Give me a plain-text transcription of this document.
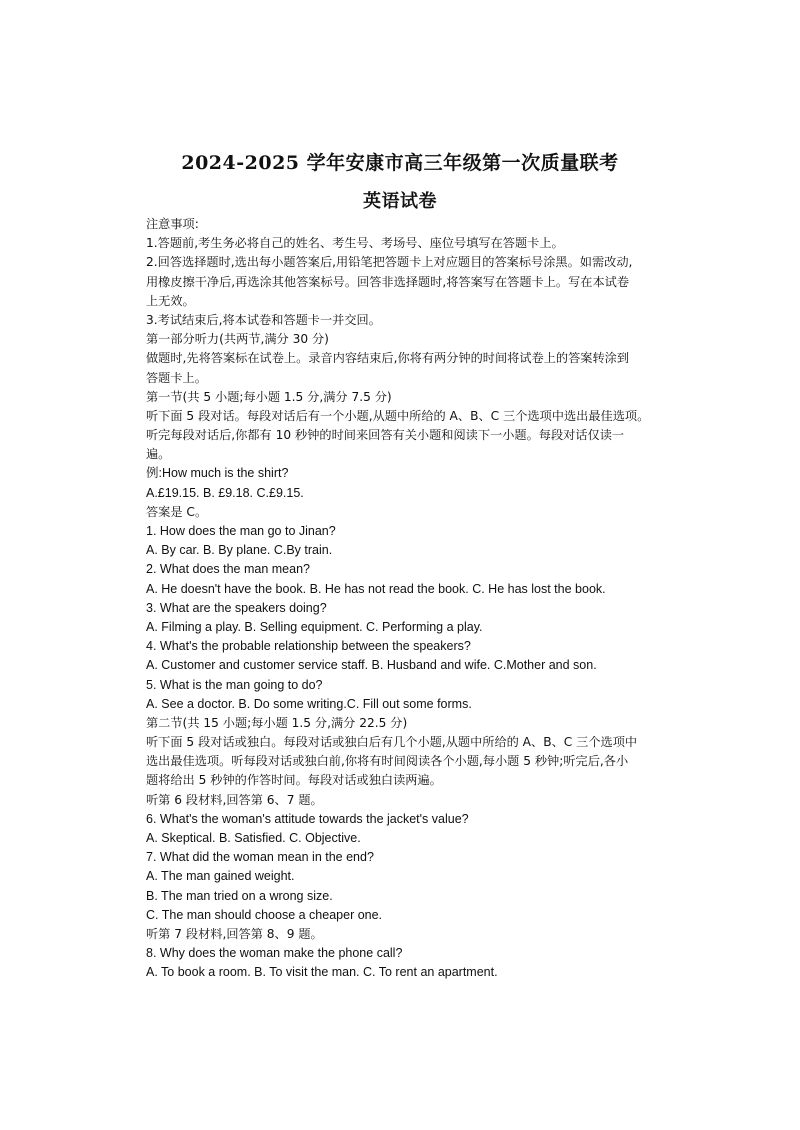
2024-2025 学年安康市高三年级第一次质量联考
英语试卷
注意事项:
1.答题前,考生务必将自己的姓名、考生号、考场号、座位号填写在答题卡上。
2.回答选择题时,选出每小题答案后,用铅笔把答题卡上对应题目的答案标号涂黑。如需改动,
用橡皮擦干净后,再选涂其他答案标号。回答非选择题时,将答案写在答题卡上。写在本试卷
上无效。
3.考试结束后,将本试卷和答题卡一并交回。
第一部分听力(共两节,满分 30 分)
做题时,先将答案标在试卷上。录音内容结束后,你将有两分钟的时间将试卷上的答案转涂到
答题卡上。
第一节(共 5 小题;每小题 1.5 分,满分 7.5 分)
听下面 5 段对话。每段对话后有一个小题,从题中所给的 A、B、C 三个选项中选出最佳选项。
听完每段对话后,你都有 10 秒钟的时间来回答有关小题和阅读下一小题。每段对话仅读一
遍。
例:How much is the shirt?
A.£19.15. B. £9.18. C.£9.15.
答案是 C。
1. How does the man go to Jinan?
A. By car. B. By plane. C.By train.
2. What does the man mean?
A. He doesn't have the book. B. He has not read the book. C. He has lost the book.
3. What are the speakers doing?
A. Filming a play. B. Selling equipment. C. Performing a play.
4. What's the probable relationship between the speakers?
A. Customer and customer service staff. B. Husband and wife. C.Mother and son.
5. What is the man going to do?
A. See a doctor. B. Do some writing.C. Fill out some forms.
第二节(共 15 小题;每小题 1.5 分,满分 22.5 分)
听下面 5 段对话或独白。每段对话或独白后有几个小题,从题中所给的 A、B、C 三个选项中
选出最佳选项。听每段对话或独白前,你将有时间阅读各个小题,每小题 5 秒钟;听完后,各小
题将给出 5 秒钟的作答时间。每段对话或独白读两遍。
听第 6 段材料,回答第 6、7 题。
6. What's the woman's attitude towards the jacket's value?
A. Skeptical. B. Satisfied. C. Objective.
7. What did the woman mean in the end?
A. The man gained weight.
B. The man tried on a wrong size.
C. The man should choose a cheaper one.
听第 7 段材料,回答第 8、9 题。
8. Why does the woman make the phone call?
A. To book a room. B. To visit the man. C. To rent an apartment.
